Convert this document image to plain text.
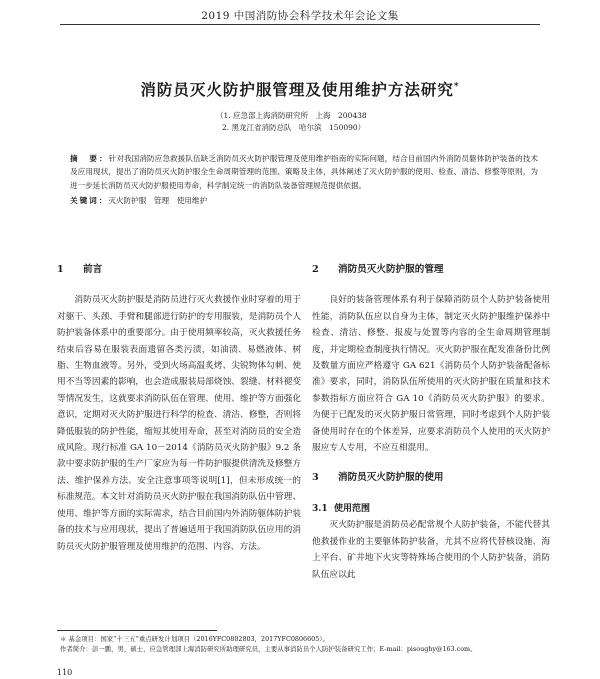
2019 中国消防协会科学技术年会论文集
消防员灭火防护服管理及使用维护方法研究*
（1. 应急部上海消防研究所　上海　200438
2. 黑龙江省消防总队　哈尔滨　150090）
摘　要：针对我国消防应急救援队伍缺乏消防员灭火防护服管理及使用维护指南的实际问题，结合目前国内外消防员躯体防护装备的技术及应用现状，提出了消防员灭火防护服全生命周期管理的范围、策略及主体，具体阐述了灭火防护服的使用、检查、清洁、修整等原则，为进一步延长消防员灭火防护服使用寿命，科学制定统一的消防队装备管理规范提供依据。
关键词：灭火防护服　管理　使用维护
1	前言

消防员灭火防护服是消防员进行灭火救援作业时穿着的用于对躯干、头颈、手臂和腿部进行防护的专用服装，是消防员个人防护装备体系中的重要部分。由于使用频率较高，灭火救援任务结束后容易在服装表面遗留各类污渍，如油渍、易燃液体、树脂、生物血液等。另外，受到火场高温炙烤、尖锐物体勾刺、使用不当等因素的影响，也会造成服装局部烧蚀、裂缝、材料褪变等情况发生，这就要求消防队伍在管理、使用、维护等方面强化意识，定期对灭火防护服进行科学的检查、清洁、修整，否则将降低服装的防护性能，缩短其使用寿命，甚至对消防员的安全造成风险。现行标准 GA 10－2014《消防员灭火防护服》9.2 条款中要求防护服的生产厂家应为每一件防护服提供清洗及修整方法、维护保养方法、安全注意事项等说明[1]，但未形成统一的标准规范。本文针对消防员灭火防护服在我国消防队伍中管理、使用、维护等方面的实际需求，结合目前国内外消防躯体防护装备的技术与应用现状，提出了普遍适用于我国消防队伍应用的消防员灭火防护服管理及使用维护的范围、内容、方法。

2	消防员灭火防护服的管理

良好的装备管理体系有利于保障消防员个人防护装备使用性能，消防队伍应以自身为主体，制定灭火防护服维护保养中检查、清洁、修整、报废与处置等内容的全生命周期管理制度，并定期检查制度执行情况。灭火防护服在配发准备份比例及数量方面应严格遵守 GA 621《消防员个人防护装备配备标准》要求，同时，消防队伍所使用的灭火防护服在质量和技术参数指标方面应符合 GA 10《消防员灭火防护服》的要求。为便于已配发的灭火防护服日常管理，同时考虑到个人防护装备使用时存在的个体差异，应要求消防员个人使用的灭火防护服应专人专用，不应互相混用。

3	消防员灭火防护服的使用
3.1 使用范围

灭火防护服是消防员必配常规个人防护装备，不能代替其他救援作业的主要躯体防护装备，尤其不应将代替核设施、海上平台、矿井地下火灾等特殊场合使用的个人防护装备，消防队伍应以此

＊ 基金项目：国家“十三五”重点研发计划项目（2016YFC0802803，2017YFC0806605）。

作者简介：彭一鹏，男，硕士，应急管理部上海消防研究所助理研究员，主要从事消防员个人防护装备研究工作；E-mail：pisoughy@163.com。

110
